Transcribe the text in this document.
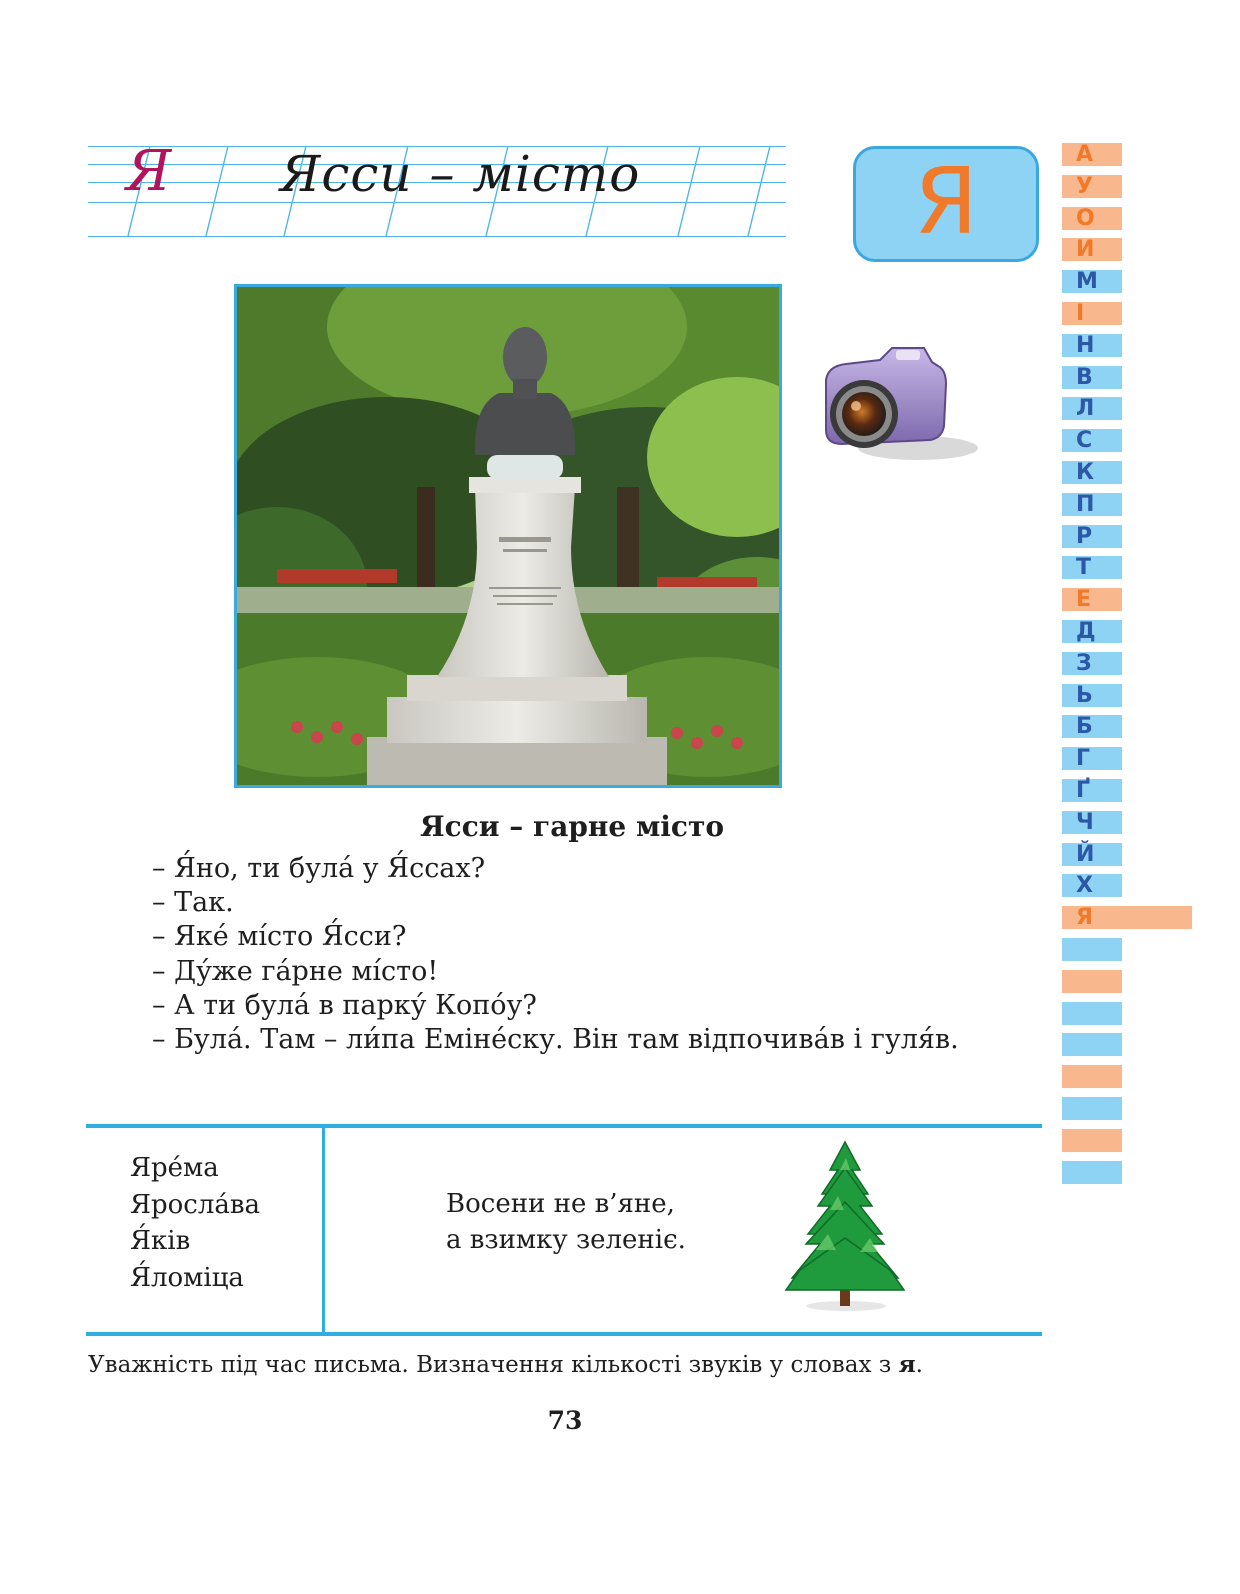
Я Ясси – місто	Я	А
У
О
И
М
І
Н
В
Л
С
К
П
Р
Т
Е
Д
З
Ь
Б
Г
Ґ
Ч
Й
Х
Я
Ясси – гарне місто
– Я́но, ти була́ у Я́ссах?
– Так.
– Яке́ мі́сто Я́сси?
– Ду́же га́рне мі́сто!
– А ти була́ в парку́ Копо́у?
– Була́. Там – ли́па Еміне́ску. Він там відпочива́в і гуля́в.
Яре́ма
Яросла́ва
Я́ків
Я́ломіца
Восени не в’яне,
а взимку зеленіє.
Уважність під час письма. Визначення кількості звуків у словах з я.
73
